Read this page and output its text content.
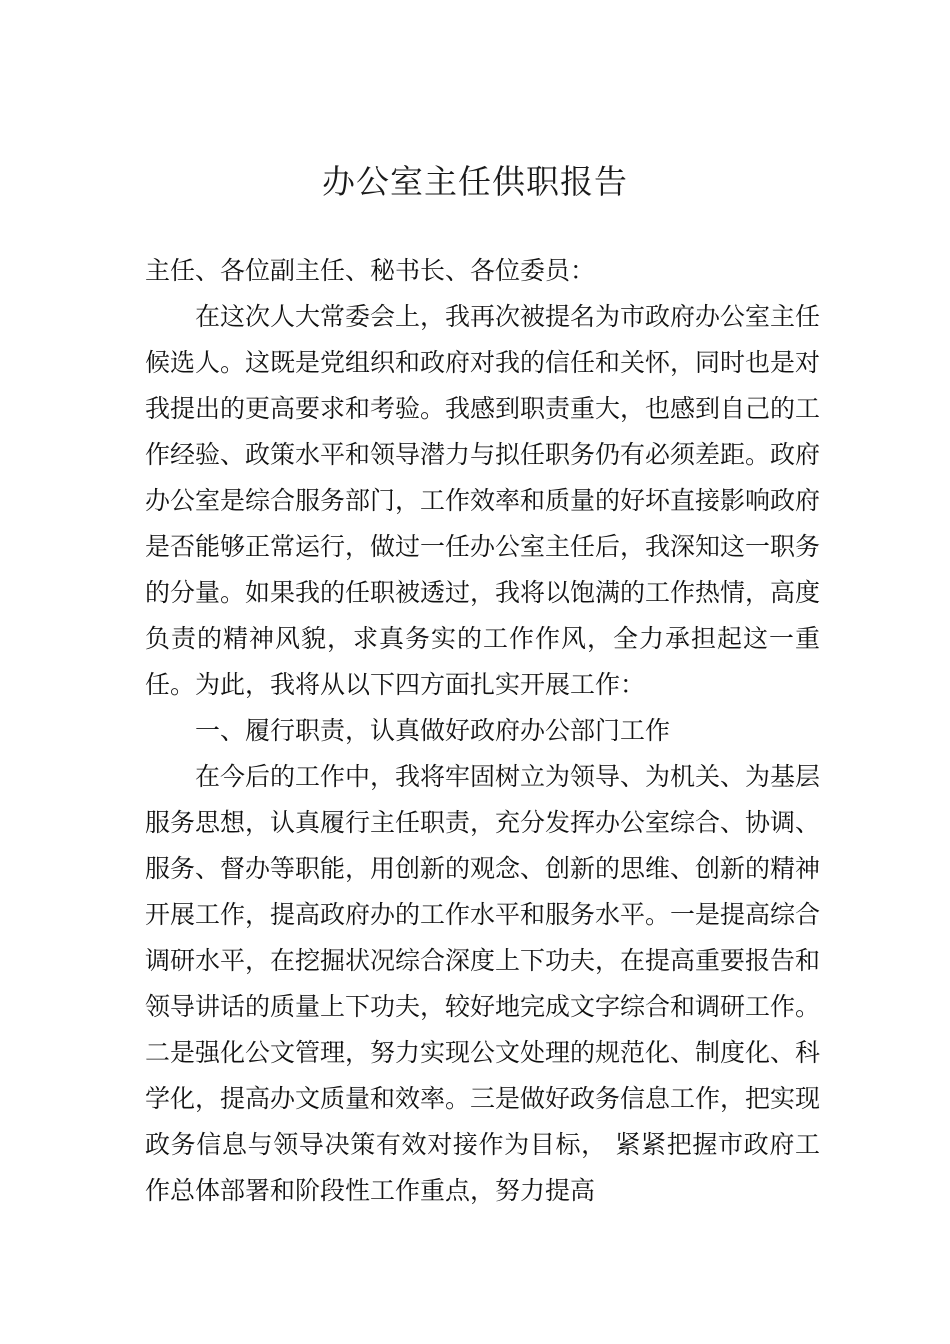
办公室主任供职报告

主任、各位副主任、秘书长、各位委员：

在这次人大常委会上，我再次被提名为市政府办公室主任候选人。这既是党组织和政府对我的信任和关怀，同时也是对我提出的更高要求和考验。我感到职责重大，也感到自己的工作经验、政策水平和领导潜力与拟任职务仍有必须差距。政府办公室是综合服务部门，工作效率和质量的好坏直接影响政府是否能够正常运行，做过一任办公室主任后，我深知这一职务的分量。如果我的任职被透过，我将以饱满的工作热情，高度负责的精神风貌，求真务实的工作作风，全力承担起这一重任。为此，我将从以下四方面扎实开展工作：

一、履行职责，认真做好政府办公部门工作

在今后的工作中，我将牢固树立为领导、为机关、为基层服务思想，认真履行主任职责，充分发挥办公室综合、协调、服务、督办等职能，用创新的观念、创新的思维、创新的精神开展工作，提高政府办的工作水平和服务水平。一是提高综合调研水平，在挖掘状况综合深度上下功夫，在提高重要报告和领导讲话的质量上下功夫，较好地完成文字综合和调研工作。二是强化公文管理，努力实现公文处理的规范化、制度化、科学化，提高办文质量和效率。三是做好政务信息工作，把实现政务信息与领导决策有效对接作为目标， 紧紧把握市政府工作总体部署和阶段性工作重点，努力提高
